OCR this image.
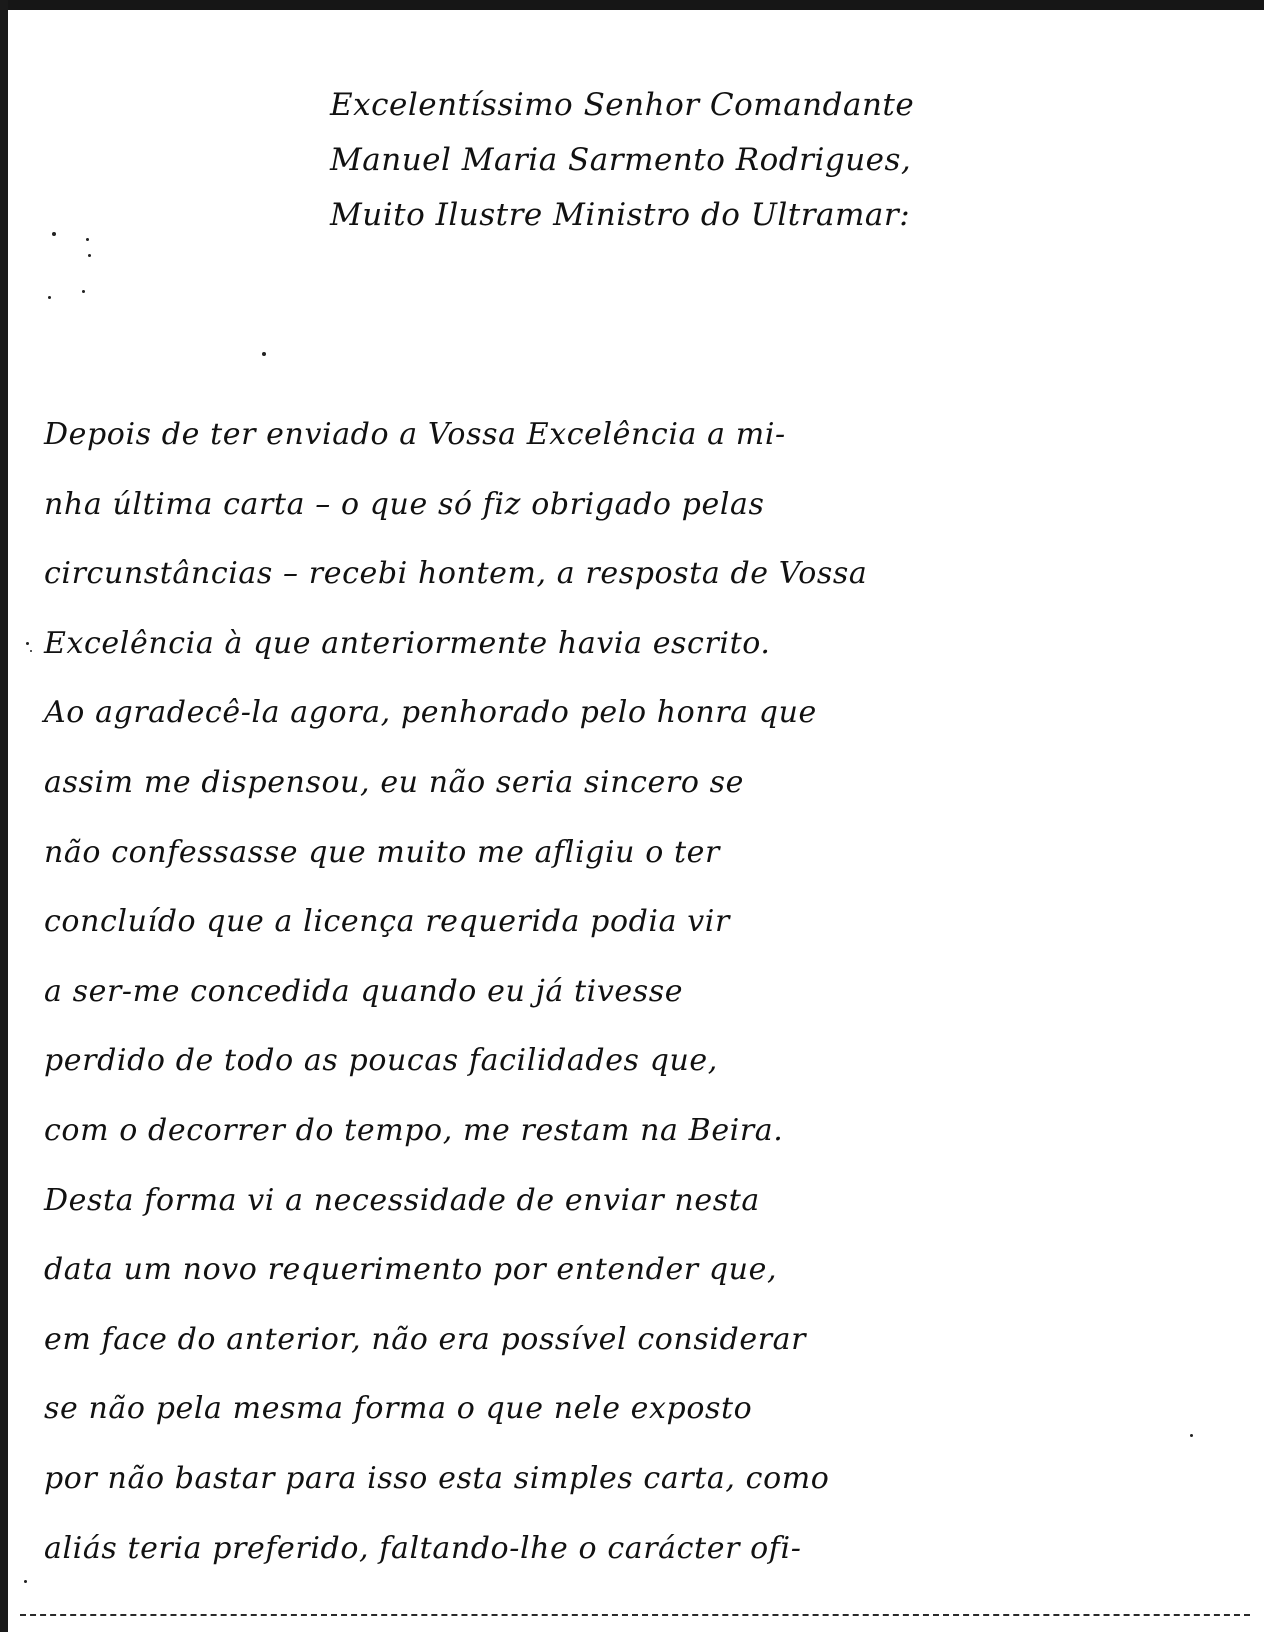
Excelentíssimo Senhor Comandante
Manuel Maria Sarmento Rodrigues,
Muito Ilustre Ministro do Ultramar:
Depois de ter enviado a Vossa Excelência a mi-
nha última carta – o que só fiz obrigado pelas
circunstâncias – recebi hontem, a resposta de Vossa
Excelência à que anteriormente havia escrito.
Ao agradecê-la agora, penhorado pelo honra que
assim me dispensou, eu não seria sincero se
não confessasse que muito me afligiu o ter
concluído que a licença requerida podia vir
a ser-me concedida quando eu já tivesse
perdido de todo as poucas facilidades que,
com o decorrer do tempo, me restam na Beira.
Desta forma vi a necessidade de enviar nesta
data um novo requerimento por entender que,
em face do anterior, não era possível considerar
se não pela mesma forma o que nele exposto
por não bastar para isso esta simples carta, como
aliás teria preferido, faltando-lhe o carácter ofi-
